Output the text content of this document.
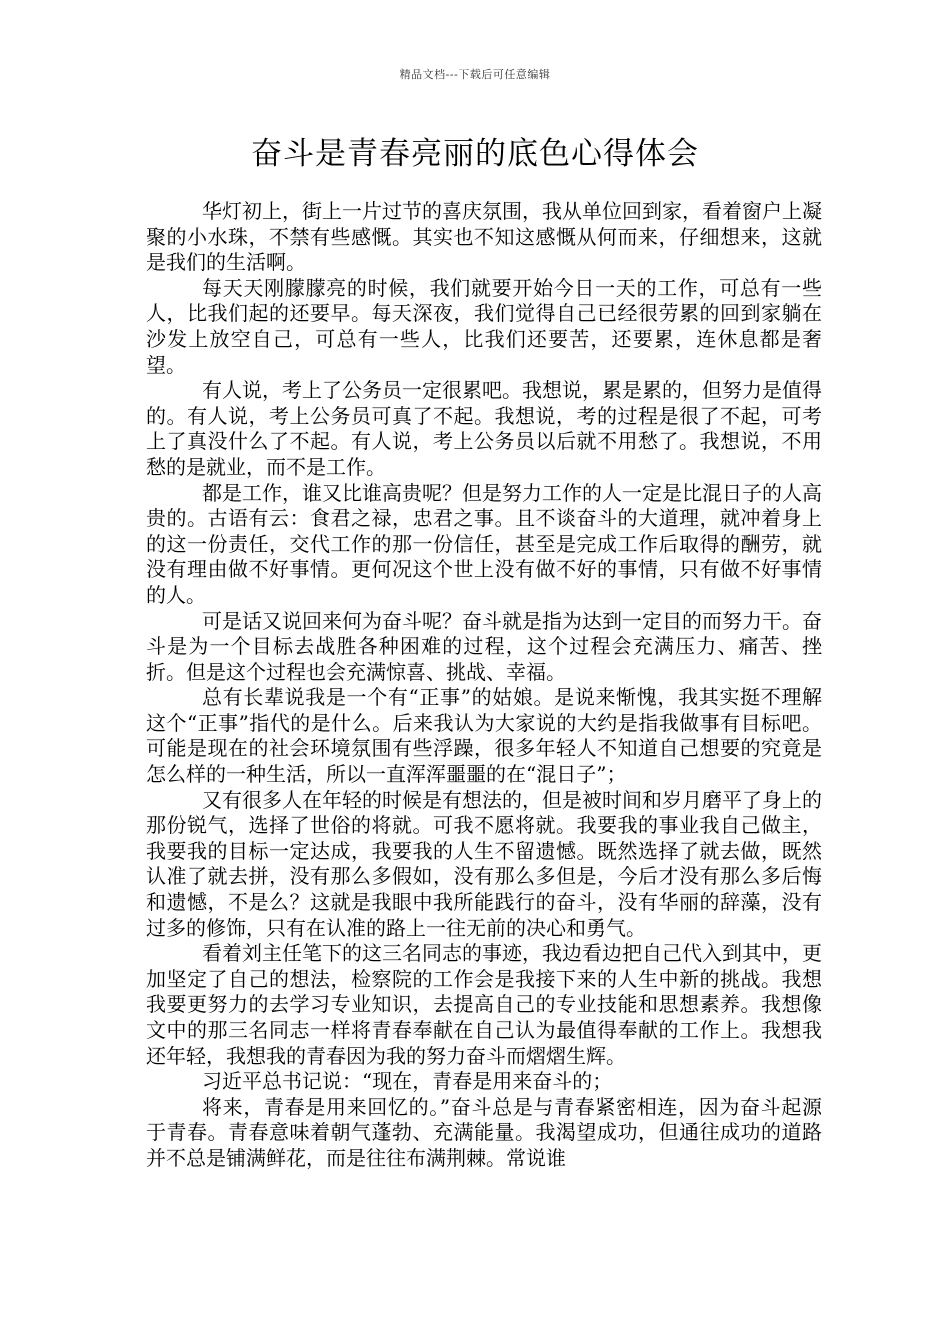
精品文档---下载后可任意编辑
奋斗是青春亮丽的底色心得体会

华灯初上，街上一片过节的喜庆氛围，我从单位回到家，看着窗户上凝聚的小水珠，不禁有些感慨。其实也不知这感慨从何而来，仔细想来，这就是我们的生活啊。

每天天刚朦朦亮的时候，我们就要开始今日一天的工作，可总有一些人，比我们起的还要早。每天深夜，我们觉得自己已经很劳累的回到家躺在沙发上放空自己，可总有一些人，比我们还要苦，还要累，连休息都是奢望。

有人说，考上了公务员一定很累吧。我想说，累是累的，但努力是值得的。有人说，考上公务员可真了不起。我想说，考的过程是很了不起，可考上了真没什么了不起。有人说，考上公务员以后就不用愁了。我想说，不用愁的是就业，而不是工作。

都是工作，谁又比谁高贵呢？但是努力工作的人一定是比混日子的人高贵的。古语有云：食君之禄，忠君之事。且不谈奋斗的大道理，就冲着身上的这一份责任，交代工作的那一份信任，甚至是完成工作后取得的酬劳，就没有理由做不好事情。更何况这个世上没有做不好的事情，只有做不好事情的人。

可是话又说回来何为奋斗呢？奋斗就是指为达到一定目的而努力干。奋斗是为一个目标去战胜各种困难的过程，这个过程会充满压力、痛苦、挫折。但是这个过程也会充满惊喜、挑战、幸福。

总有长辈说我是一个有“正事”的姑娘。是说来惭愧，我其实挺不理解这个“正事”指代的是什么。后来我认为大家说的大约是指我做事有目标吧。可能是现在的社会环境氛围有些浮躁，很多年轻人不知道自己想要的究竟是怎么样的一种生活，所以一直浑浑噩噩的在“混日子”；

又有很多人在年轻的时候是有想法的，但是被时间和岁月磨平了身上的那份锐气，选择了世俗的将就。可我不愿将就。我要我的事业我自己做主，我要我的目标一定达成，我要我的人生不留遗憾。既然选择了就去做，既然认准了就去拼，没有那么多假如，没有那么多但是，今后才没有那么多后悔和遗憾，不是么？这就是我眼中我所能践行的奋斗，没有华丽的辞藻，没有过多的修饰，只有在认准的路上一往无前的决心和勇气。

看着刘主任笔下的这三名同志的事迹，我边看边把自己代入到其中，更加坚定了自己的想法，检察院的工作会是我接下来的人生中新的挑战。我想我要更努力的去学习专业知识，去提高自己的专业技能和思想素养。我想像文中的那三名同志一样将青春奉献在自己认为最值得奉献的工作上。我想我还年轻，我想我的青春因为我的努力奋斗而熠熠生辉。

习近平总书记说：“现在，青春是用来奋斗的；

将来，青春是用来回忆的。”奋斗总是与青春紧密相连，因为奋斗起源于青春。青春意味着朝气蓬勃、充满能量。我渴望成功，但通往成功的道路并不总是铺满鲜花，而是往往布满荆棘。常说谁
